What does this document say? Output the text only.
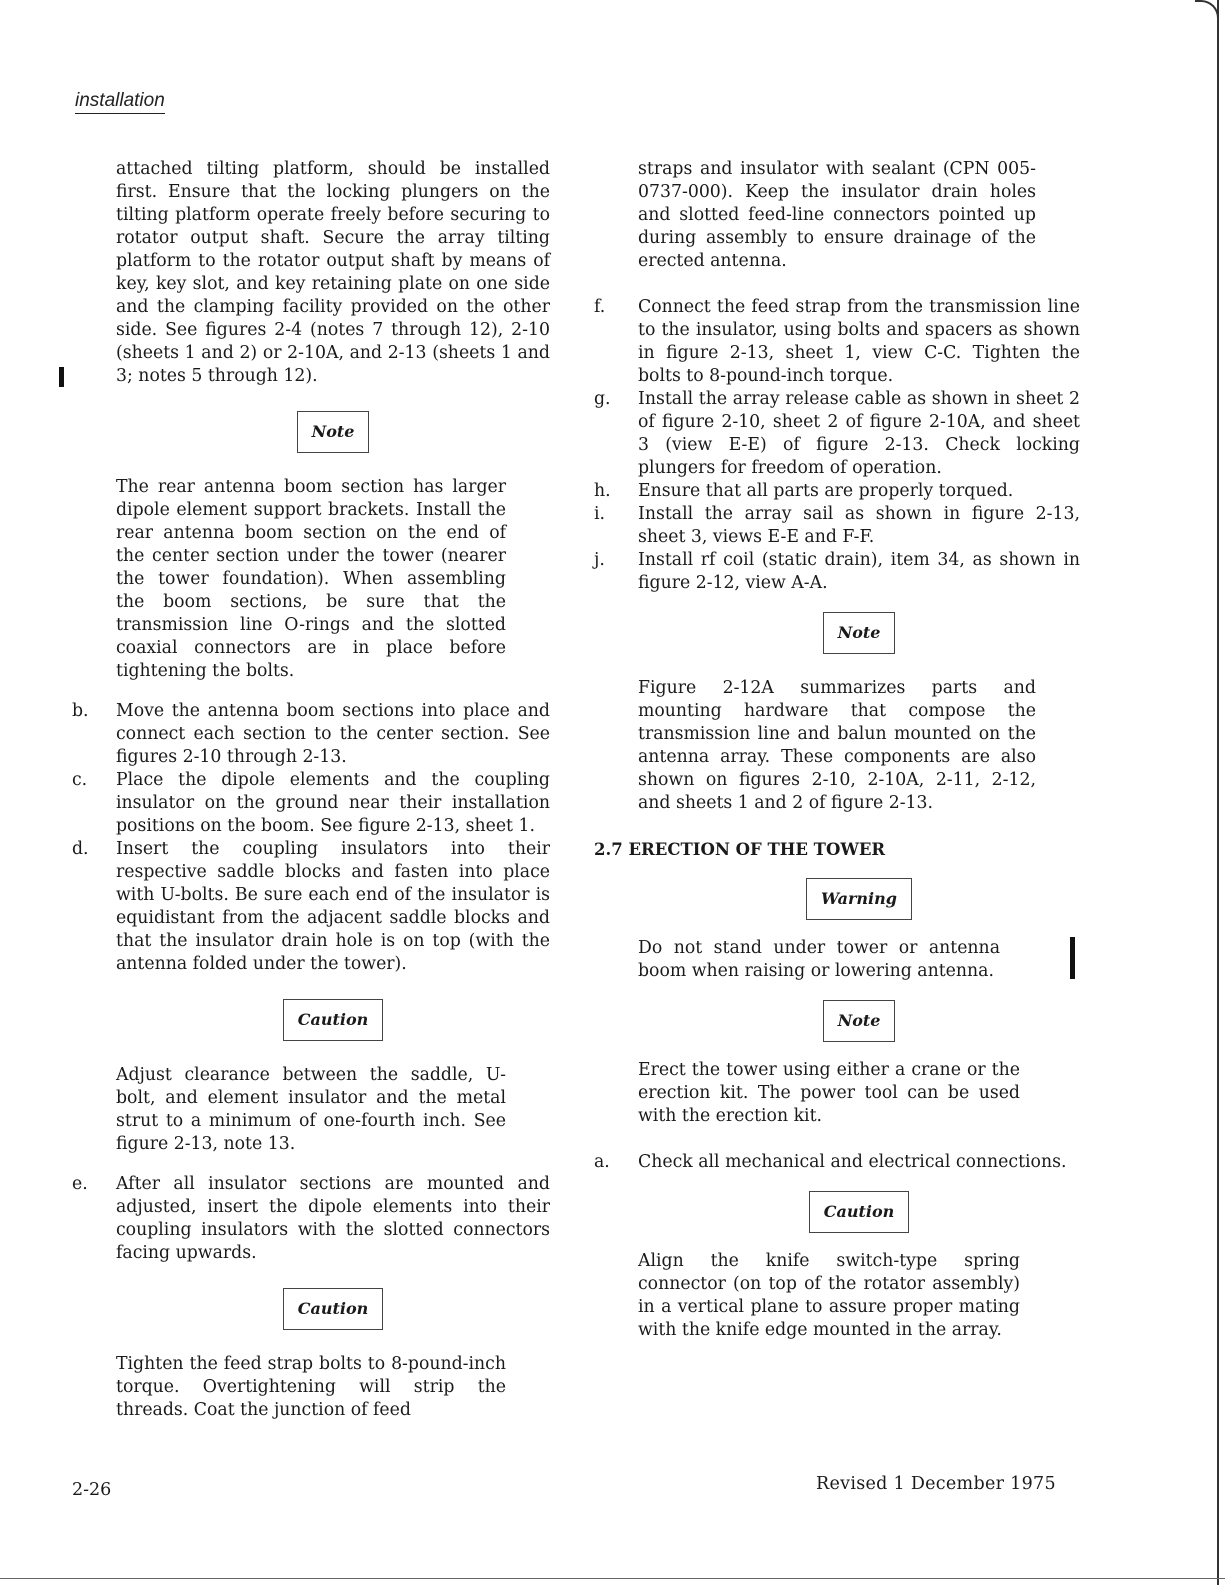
installation

attached tilting platform, should be installed first. Ensure that the locking plungers on the tilting platform operate freely before securing to rotator output shaft. Secure the array tilting platform to the rotator output shaft by means of key, key slot, and key retaining plate on one side and the clamping facility provided on the other side. See figures 2-4 (notes 7 through 12), 2-10 (sheets 1 and 2) or 2-10A, and 2-13 (sheets 1 and 3; notes 5 through 12).

Note

The rear antenna boom section has larger dipole element support brackets. Install the rear antenna boom section on the end of the center section under the tower (nearer the tower foundation). When assembling the boom sections, be sure that the transmission line O-rings and the slotted coaxial connectors are in place before tightening the bolts.

b.	Move the antenna boom sections into place and connect each section to the center section. See figures 2-10 through 2-13.
c.	Place the dipole elements and the coupling insulator on the ground near their installation positions on the boom. See figure 2-13, sheet 1.
d.	Insert the coupling insulators into their respective saddle blocks and fasten into place with U-bolts. Be sure each end of the insulator is equidistant from the adjacent saddle blocks and that the insulator drain hole is on top (with the antenna folded under the tower).
Caution

Adjust clearance between the saddle, U-bolt, and element insulator and the metal strut to a minimum of one-fourth inch. See figure 2-13, note 13.

e.	After all insulator sections are mounted and adjusted, insert the dipole elements into their coupling insulators with the slotted connectors facing upwards.
Caution

Tighten the feed strap bolts to 8-pound-inch torque. Overtightening will strip the threads. Coat the junction of feed

straps and insulator with sealant (CPN 005-0737-000). Keep the insulator drain holes and slotted feed-line connectors pointed up during assembly to ensure drainage of the erected antenna.

f.	Connect the feed strap from the transmission line to the insulator, using bolts and spacers as shown in figure 2-13, sheet 1, view C-C. Tighten the bolts to 8-pound-inch torque.
g.	Install the array release cable as shown in sheet 2 of figure 2-10, sheet 2 of figure 2-10A, and sheet 3 (view E-E) of figure 2-13. Check locking plungers for freedom of operation.
h.	Ensure that all parts are properly torqued.
i.	Install the array sail as shown in figure 2-13, sheet 3, views E-E and F-F.
j.	Install rf coil (static drain), item 34, as shown in figure 2-12, view A-A.
Note

Figure 2-12A summarizes parts and mounting hardware that compose the transmission line and balun mounted on the antenna array. These components are also shown on figures 2-10, 2-10A, 2-11, 2-12, and sheets 1 and 2 of figure 2-13.

2.7 ERECTION OF THE TOWER

Warning

Do not stand under tower or antenna boom when raising or lowering antenna.

Note

Erect the tower using either a crane or the erection kit. The power tool can be used with the erection kit.

a.	Check all mechanical and electrical connections.
Caution

Align the knife switch-type spring connector (on top of the rotator assembly) in a vertical plane to assure proper mating with the knife edge mounted in the array.

2-26	Revised 1 December 1975
